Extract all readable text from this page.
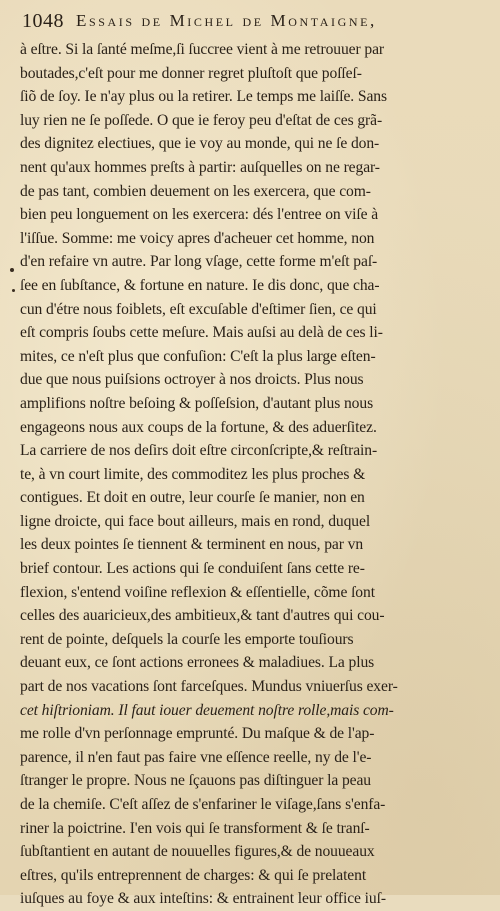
1048 Essais de Michel de Montaigne,
à eſtre. Si la ſanté meſme,ſi ſuccree vient à me retrouuer par
boutades,c'eſt pour me donner regret pluſtoſt que poſſeſ-
ſiõ de ſoy. Ie n'ay plus ou la retirer. Le temps me laiſſe. Sans
luy rien ne ſe poſſede. O que ie feroy peu d'eſtat de ces grã-
des dignitez electiues, que ie voy au monde, qui ne ſe don-
nent qu'aux hommes preſts à partir: auſquelles on ne regar-
de pas tant, combien deuement on les exercera, que com-
bien peu longuement on les exercera: dés l'entree on viſe à
l'iſſue. Somme: me voicy apres d'acheuer cet homme, non
d'en refaire vn autre. Par long vſage, cette forme m'eſt paſ-
ſee en ſubſtance, & fortune en nature. Ie dis donc, que cha-
cun d'étre nous foiblets, eſt excuſable d'eſtimer ſien, ce qui
eſt compris ſoubs cette meſure. Mais auſsi au delà de ces li-
mites, ce n'eſt plus que confuſion: C'eſt la plus large eſten-
due que nous puiſsions octroyer à nos droicts. Plus nous
amplifions noſtre beſoing & poſſeſsion, d'autant plus nous
engageons nous aux coups de la fortune, & des aduerſitez.
La carriere de nos deſirs doit eſtre circonſcripte,& reſtrain-
te, à vn court limite, des commoditez les plus proches &
contigues. Et doit en outre, leur courſe ſe manier, non en
ligne droicte, qui face bout ailleurs, mais en rond, duquel
les deux pointes ſe tiennent & terminent en nous, par vn
brief contour. Les actions qui ſe conduiſent ſans cette re-
flexion, s'entend voiſine reflexion & eſſentielle, cõme ſont
celles des auaricieux,des ambitieux,& tant d'autres qui cou-
rent de pointe, deſquels la courſe les emporte touſiours
deuant eux, ce ſont actions erronees & maladiues. La plus
part de nos vacations ſont farceſques. Mundus vniuerſus exer-
cet hiſtrioniam. Il faut iouer deuement noſtre rolle,mais com-
me rolle d'vn perſonnage emprunté. Du maſque & de l'ap-
parence, il n'en faut pas faire vne eſſence reelle, ny de l'e-
ſtranger le propre. Nous ne ſçauons pas diſtinguer la peau
de la chemiſe. C'eſt aſſez de s'enfariner le viſage,ſans s'enfa-
riner la poictrine. I'en vois qui ſe transforment & ſe tranſ-
ſubſtantient en autant de nouuelles figures,& de nouueaux
eſtres, qu'ils entreprennent de charges: & qui ſe prelatent
iuſques au foye & aux inteſtins: & entrainent leur office iuſ-
